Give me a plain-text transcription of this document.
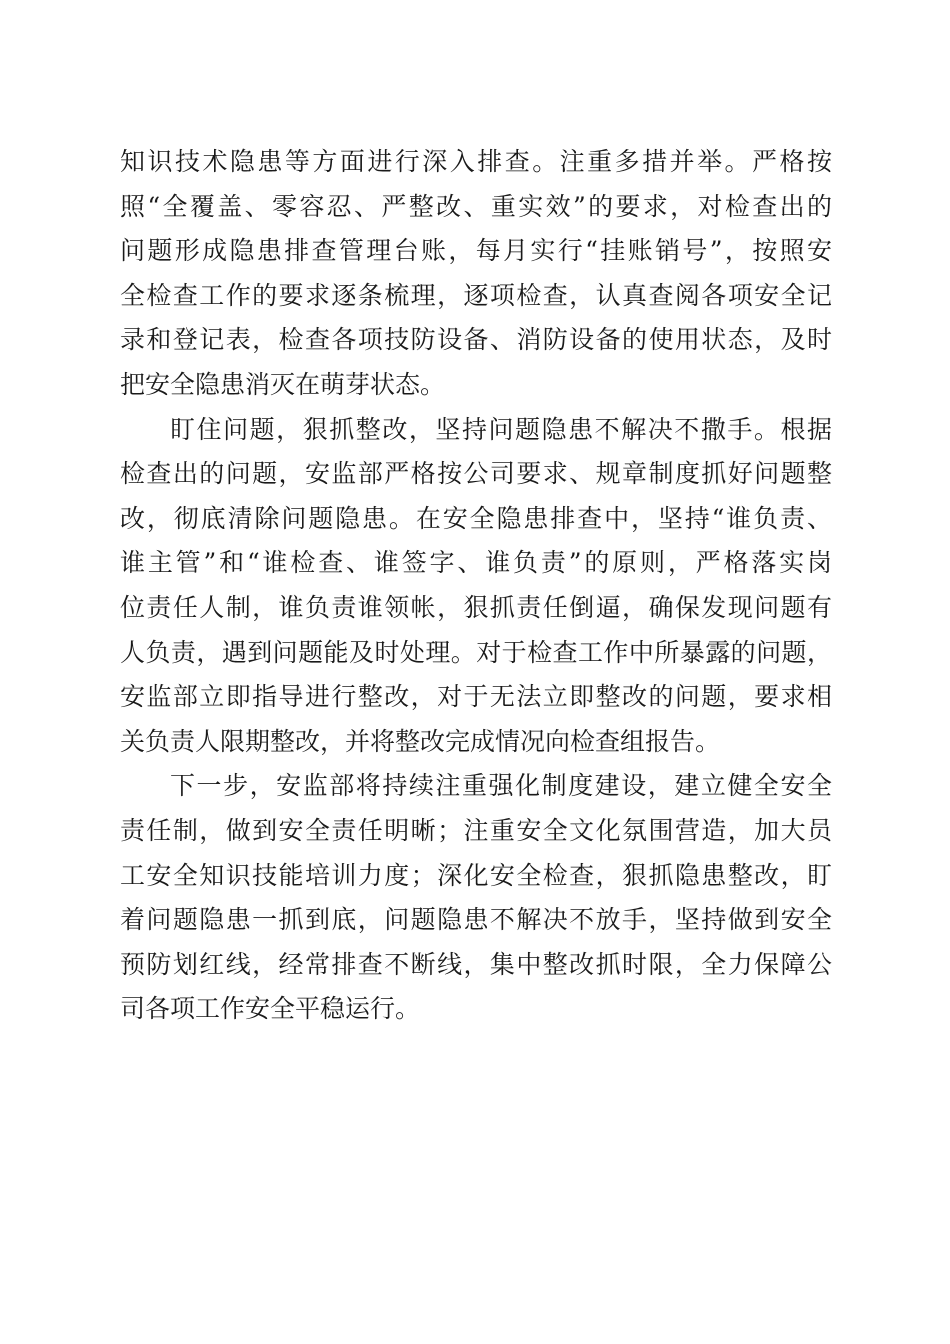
知识技术隐患等方面进行深入排查。注重多措并举。严格按
照“全覆盖、零容忍、严整改、重实效”的要求，对检查出的
问题形成隐患排查管理台账，每月实行“挂账销号”，按照安
全检查工作的要求逐条梳理，逐项检查，认真查阅各项安全记
录和登记表，检查各项技防设备、消防设备的使用状态，及时
把安全隐患消灭在萌芽状态。
盯住问题，狠抓整改，坚持问题隐患不解决不撒手。根据
检查出的问题，安监部严格按公司要求、规章制度抓好问题整
改，彻底清除问题隐患。在安全隐患排查中，坚持“谁负责、
谁主管”和“谁检查、谁签字、谁负责”的原则，严格落实岗
位责任人制，谁负责谁领帐，狠抓责任倒逼，确保发现问题有
人负责，遇到问题能及时处理。对于检查工作中所暴露的问题，
安监部立即指导进行整改，对于无法立即整改的问题，要求相
关负责人限期整改，并将整改完成情况向检查组报告。
下一步，安监部将持续注重强化制度建设，建立健全安全
责任制，做到安全责任明晰；注重安全文化氛围营造，加大员
工安全知识技能培训力度；深化安全检查，狠抓隐患整改，盯
着问题隐患一抓到底，问题隐患不解决不放手，坚持做到安全
预防划红线，经常排查不断线，集中整改抓时限，全力保障公
司各项工作安全平稳运行。
